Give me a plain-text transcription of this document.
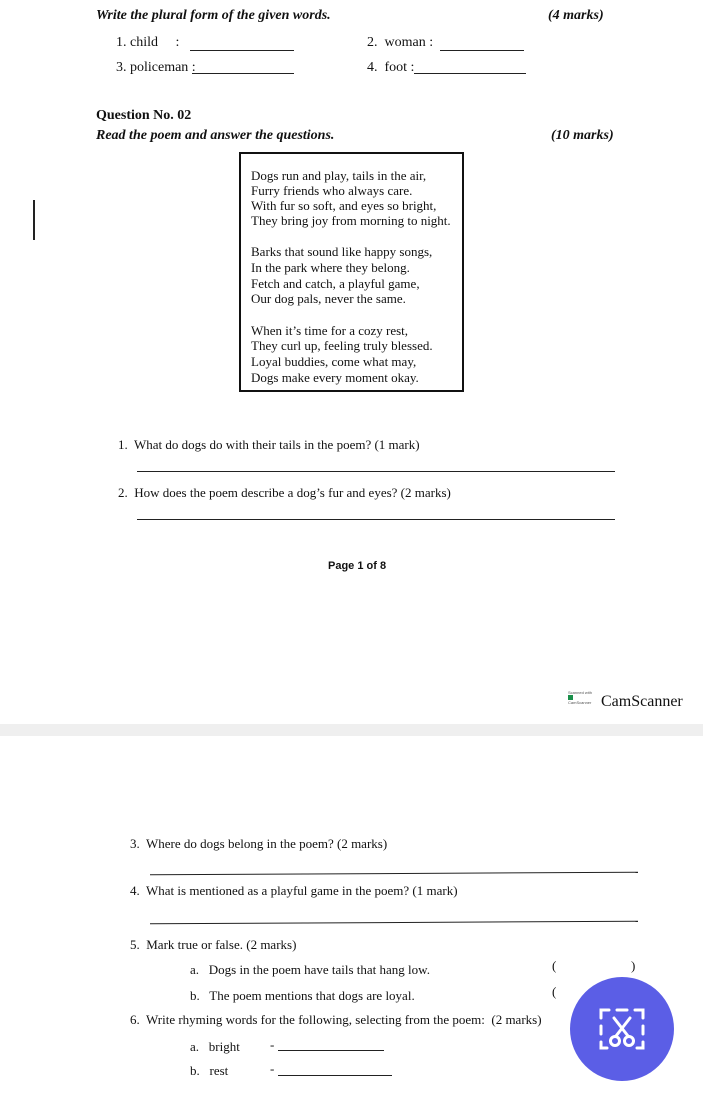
Write the plural form of the given words.	(4 marks)
1. child     :	2.  woman :
3. policeman :	4.  foot :
Question No. 02
Read the poem and answer the questions.	(10 marks)
Dogs run and play, tails in the air,
Furry friends who always care.
With fur so soft, and eyes so bright,
They bring joy from morning to night.
Barks that sound like happy songs,
In the park where they belong.
Fetch and catch, a playful game,
Our dog pals, never the same.
When it’s time for a cozy rest,
They curl up, feeling truly blessed.
Loyal buddies, come what may,
Dogs make every moment okay.
1.  What do dogs do with their tails in the poem? (1 mark)
2.  How does the poem describe a dog’s fur and eyes? (2 marks)
Page 1 of 8
Scanned with
CamScanner CamScanner
3.  Where do dogs belong in the poem? (2 marks)
4.  What is mentioned as a playful game in the poem? (1 mark)
5.  Mark true or false. (2 marks)
a.   Dogs in the poem have tails that hang low.	(	)
b.   The poem mentions that dogs are loyal.	(
6.  Write rhyming words for the following, selecting from the poem:  (2 marks)
a.   bright -
b.   rest	-
